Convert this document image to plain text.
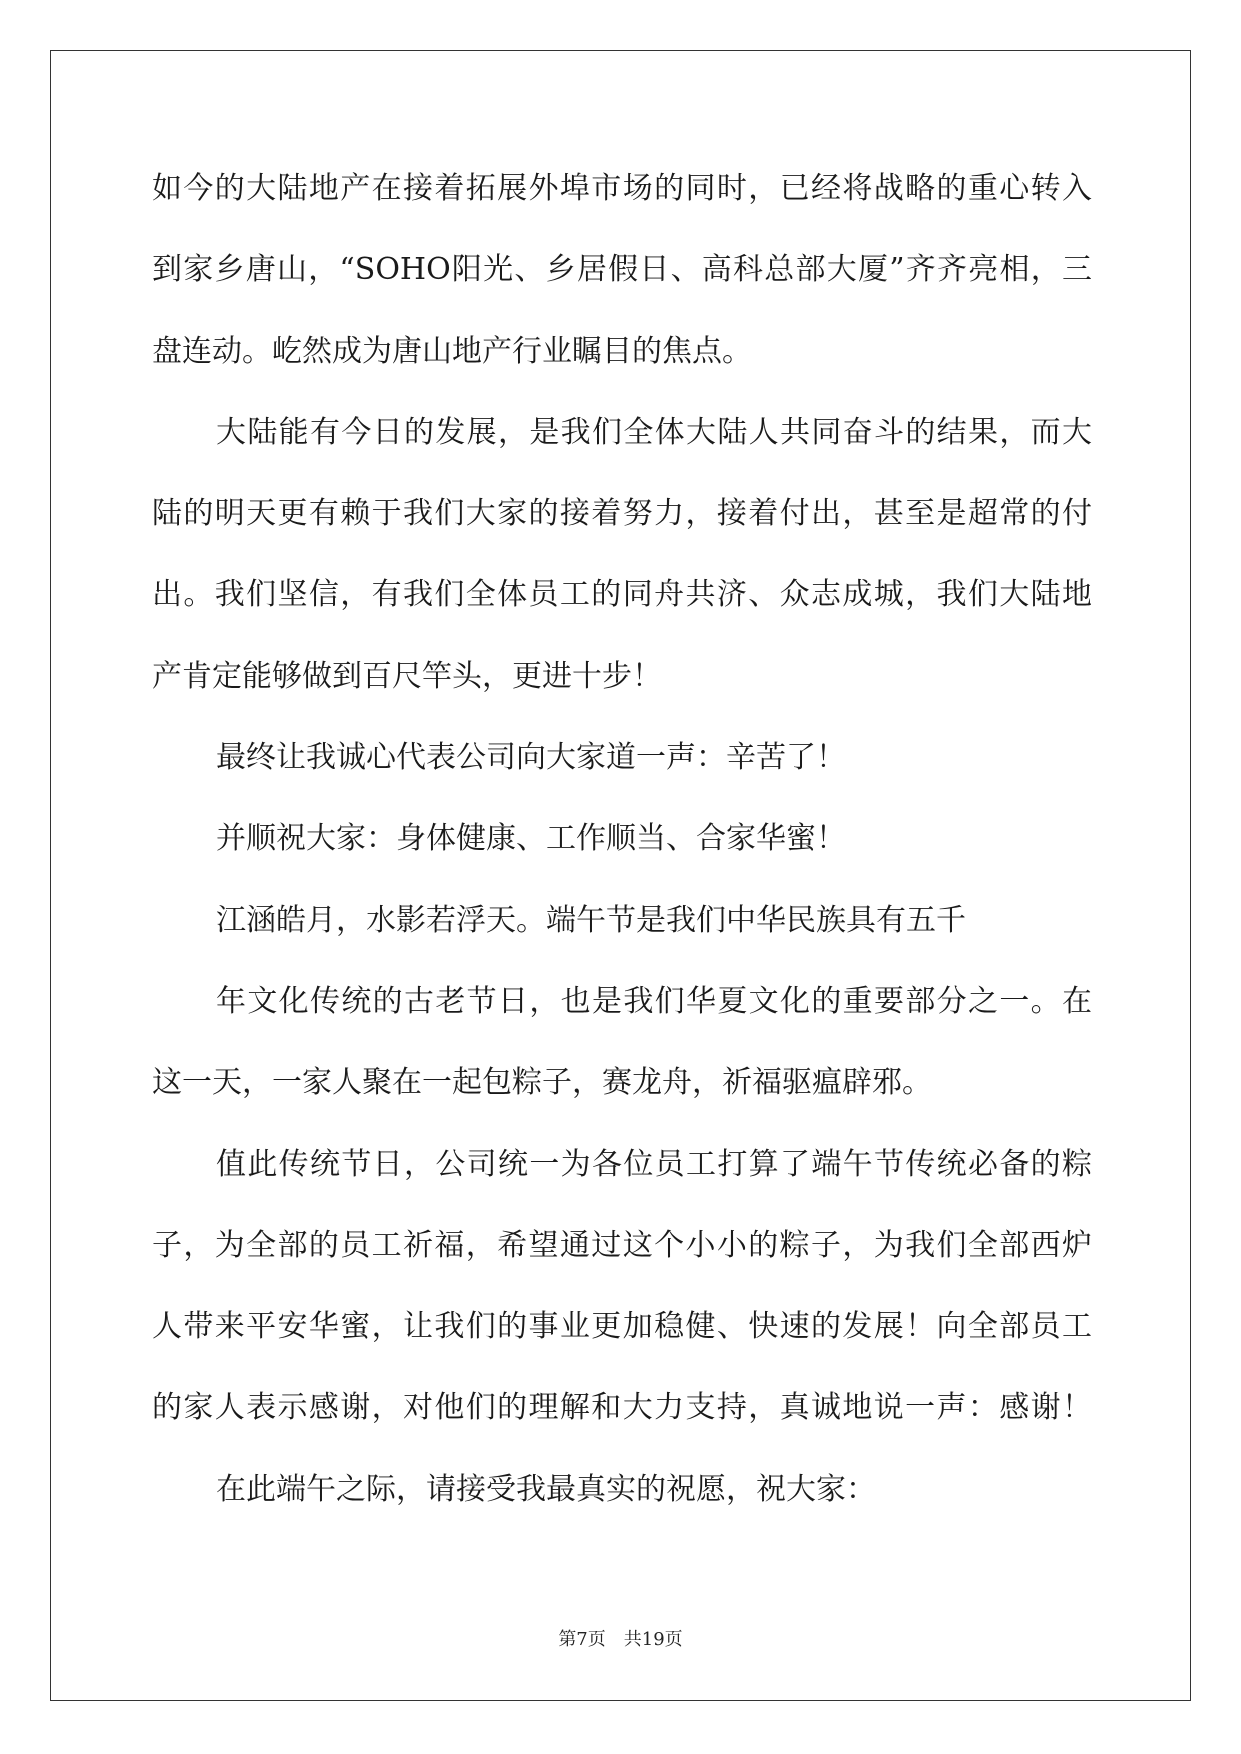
如今的大陆地产在接着拓展外埠市场的同时，已经将战略的重心转入
到家乡唐山，“SOHO阳光、乡居假日、高科总部大厦”齐齐亮相，三
盘连动。屹然成为唐山地产行业瞩目的焦点。
大陆能有今日的发展，是我们全体大陆人共同奋斗的结果，而大
陆的明天更有赖于我们大家的接着努力，接着付出，甚至是超常的付
出。我们坚信，有我们全体员工的同舟共济、众志成城，我们大陆地
产肯定能够做到百尺竿头，更进十步！
最终让我诚心代表公司向大家道一声：辛苦了！
并顺祝大家：身体健康、工作顺当、合家华蜜！
江涵皓月，水影若浮天。端午节是我们中华民族具有五千
年文化传统的古老节日，也是我们华夏文化的重要部分之一。在
这一天，一家人聚在一起包粽子，赛龙舟，祈福驱瘟辟邪。
值此传统节日，公司统一为各位员工打算了端午节传统必备的粽
子，为全部的员工祈福，希望通过这个小小的粽子，为我们全部西炉
人带来平安华蜜，让我们的事业更加稳健、快速的发展！向全部员工
的家人表示感谢，对他们的理解和大力支持，真诚地说一声：感谢！
在此端午之际，请接受我最真实的祝愿，祝大家：
第7页 共19页
